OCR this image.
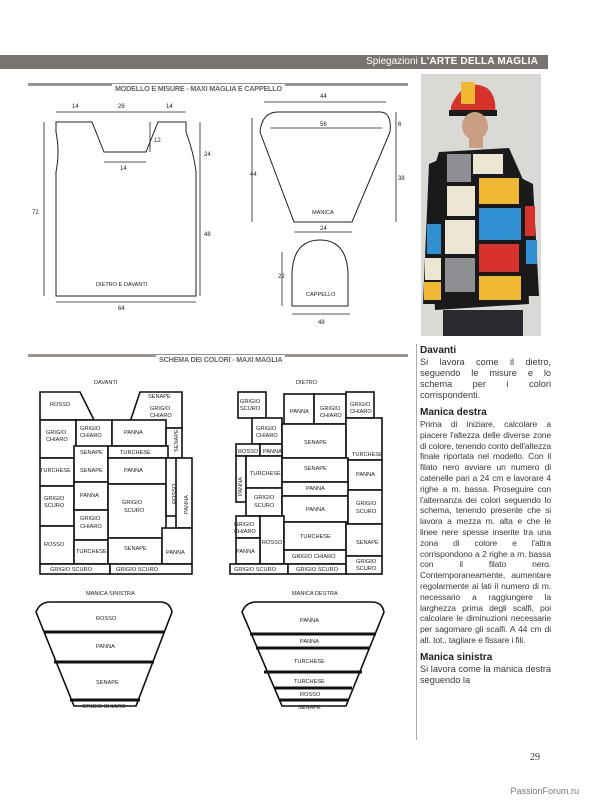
Spiegazioni L'ARTE DELLA MAGLIA
MODELLO E MISURE - MAXI MAGLIA E CAPPELLO
SCHEMA DEI COLORI - MAXI MAGLIA
14	26	14
12
14
24
72
48
64
DIETRO E DAVANTI
44
56	6
44
38
MANICA
24
22
CAPPELLO
48
DAVANTI	DIETRO
ROSSO
SENAPE
GRIGIO
CHIARO
GRIGIO
CHIARO
GRIGIO
CHIARO	PANNA
SENAPE	TURCHESE
TURCHESE SENAPE	PANNA
GRIGIO
SCURO
PANNA
GRIGIO
SCURO
GRIGIO
CHIARO
ROSSO
TURCHESE	SENAPE
PANNA
GRIGIO SCURO	GRIGIO SCURO
SENAPE
ROSSO
PANNA
GRIGIO
SCURO	PANNA GRIGIO
CHIARO
GRIGIO
CHIARO
GRIGIO
CHIARO
SENAPE
ROSSO PANNA	TURCHESE
TURCHESE
SENAPE
PANNA
PANNA
GRIGIO
SCURO
PANNA
GRIGIO
SCURO
GRIGIO
CHIARO
TURCHESE
ROSSO	SENAPE
PANNA
GRIGIO CHIARO
GRIGIO
SCURO
GRIGIO SCURO	GRIGIO SCURO
PANNA
MANICA SINISTRA	MANICA DESTRA
ROSSO
PANNA
SENAPE
GRIGIO CHIARO
PANNA
PANNA
TURCHESE
TURCHESE
ROSSO
SENAPE
Davanti

Si lavora come il dietro, seguendo le misure e lo schema per i colori corrispondenti.

Manica destra

Prima di iniziare, calcolare a piacere l'altezza delle diverse zone di colore, tenendo conto dell'altezza finale riportata nel modello. Con il filato nero avviare un numero di catenelle pari a 24 cm e lavorare 4 righe a m. bassa. Proseguire con l'alternanza dei colori seguendo lo schema, tenendo presente che si lavora a mezza m. alta e che le linee nere spesse inserite tra una zona di colore e l'altra corrispondono a 2 righe a m. bassa con il filato nero. Contemporaneamente, aumentare regolarmente ai lati il numero di m. necessario a raggiungere la larghezza prima degli scalfi, poi calcolare le diminuzioni necessarie per sagomare gli scalfi. A 44 cm di alt. tot., tagliare e fissare i fili.

Manica sinistra

Si lavora come la manica destra seguendo la

29
PassionForum.ru
